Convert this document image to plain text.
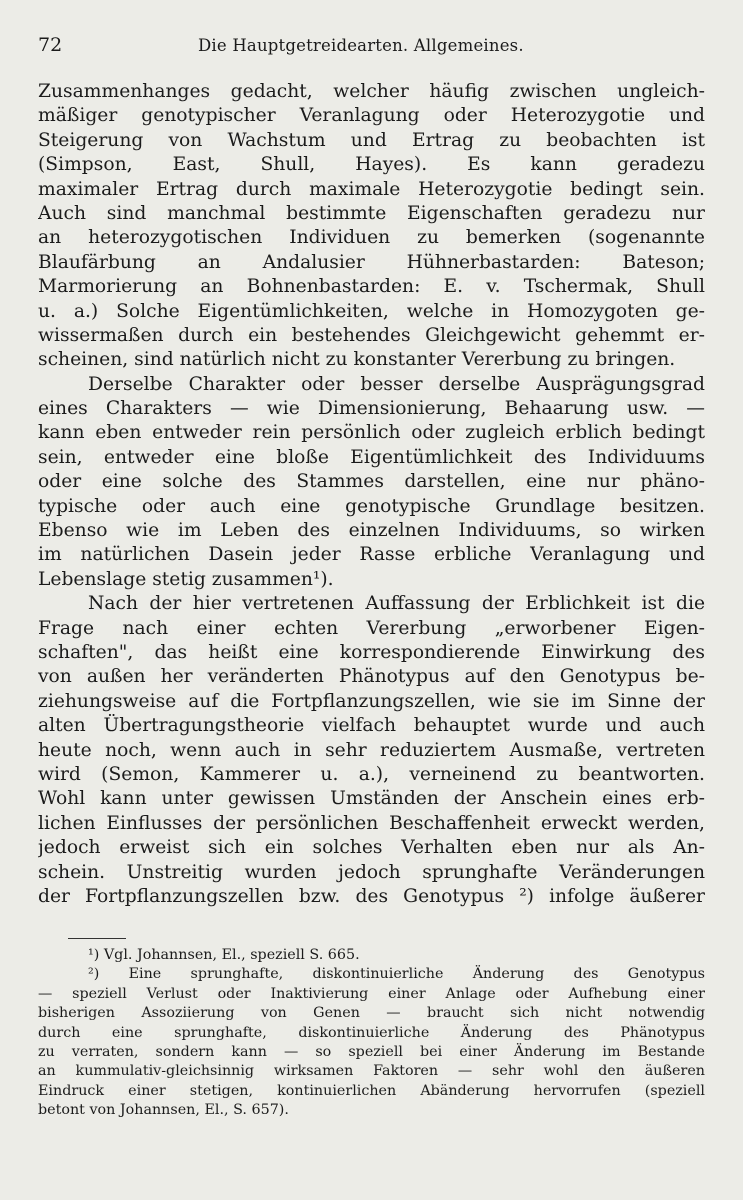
72	Die Hauptgetreidearten. Allgemeines.
Zusammenhanges gedacht, welcher häufig zwischen ungleich-
mäßiger genotypischer Veranlagung oder Heterozygotie und
Steigerung von Wachstum und Ertrag zu beobachten ist
(Simpson, East, Shull, Hayes). Es kann geradezu
maximaler Ertrag durch maximale Heterozygotie bedingt sein.
Auch sind manchmal bestimmte Eigenschaften geradezu nur
an heterozygotischen Individuen zu bemerken (sogenannte
Blaufärbung an Andalusier Hühnerbastarden: Bateson;
Marmorierung an Bohnenbastarden: E. v. Tschermak, Shull
u. a.) Solche Eigentümlichkeiten, welche in Homozygoten ge-
wissermaßen durch ein bestehendes Gleichgewicht gehemmt er-
scheinen, sind natürlich nicht zu konstanter Vererbung zu bringen.
Derselbe Charakter oder besser derselbe Ausprägungsgrad
eines Charakters — wie Dimensionierung, Behaarung usw. —
kann eben entweder rein persönlich oder zugleich erblich bedingt
sein, entweder eine bloße Eigentümlichkeit des Individuums
oder eine solche des Stammes darstellen, eine nur phäno-
typische oder auch eine genotypische Grundlage besitzen.
Ebenso wie im Leben des einzelnen Individuums, so wirken
im natürlichen Dasein jeder Rasse erbliche Veranlagung und
Lebenslage stetig zusammen¹).
Nach der hier vertretenen Auffassung der Erblichkeit ist die
Frage nach einer echten Vererbung „erworbener Eigen-
schaften", das heißt eine korrespondierende Einwirkung des
von außen her veränderten Phänotypus auf den Genotypus be-
ziehungsweise auf die Fortpflanzungszellen, wie sie im Sinne der
alten Übertragungstheorie vielfach behauptet wurde und auch
heute noch, wenn auch in sehr reduziertem Ausmaße, vertreten
wird (Semon, Kammerer u. a.), verneinend zu beantworten.
Wohl kann unter gewissen Umständen der Anschein eines erb-
lichen Einflusses der persönlichen Beschaffenheit erweckt werden,
jedoch erweist sich ein solches Verhalten eben nur als An-
schein. Unstreitig wurden jedoch sprunghafte Veränderungen
der Fortpflanzungszellen bzw. des Genotypus ²) infolge äußerer
¹) Vgl. Johannsen, El., speziell S. 665.
²) Eine sprunghafte, diskontinuierliche Änderung des Genotypus
— speziell Verlust oder Inaktivierung einer Anlage oder Aufhebung einer
bisherigen Assoziierung von Genen — braucht sich nicht notwendig
durch eine sprunghafte, diskontinuierliche Änderung des Phänotypus
zu verraten, sondern kann — so speziell bei einer Änderung im Bestande
an kummulativ-gleichsinnig wirksamen Faktoren — sehr wohl den äußeren
Eindruck einer stetigen, kontinuierlichen Abänderung hervorrufen (speziell
betont von Johannsen, El., S. 657).
